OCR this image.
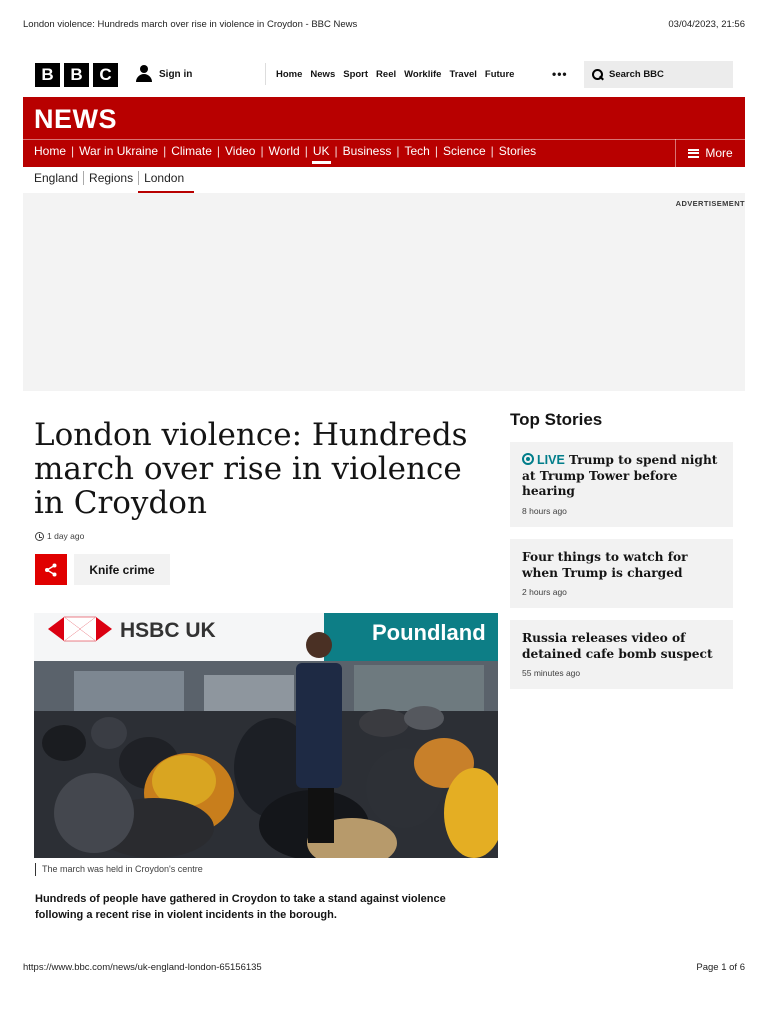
London violence: Hundreds march over rise in violence in Croydon - BBC News	03/04/2023, 21:56
B B C	Sign in	Home News Sport Reel Worklife Travel Future	•••	Search BBC
NEWS
Home | War in Ukraine | Climate | Video | World | UK | Business | Tech | Science | Stories	More
England Regions London
ADVERTISEMENT
London violence: Hundreds march over rise in violence in Croydon
1 day ago
Knife crime
HSBC UK	Poundland
The march was held in Croydon's centre

Hundreds of people have gathered in Croydon to take a stand against violence following a recent rise in violent incidents in the borough.

Top Stories
LIVE Trump to spend night at Trump Tower before hearing
8 hours ago
Four things to watch for when Trump is charged
2 hours ago
Russia releases video of detained cafe bomb suspect
55 minutes ago
https://www.bbc.com/news/uk-england-london-65156135	Page 1 of 6
